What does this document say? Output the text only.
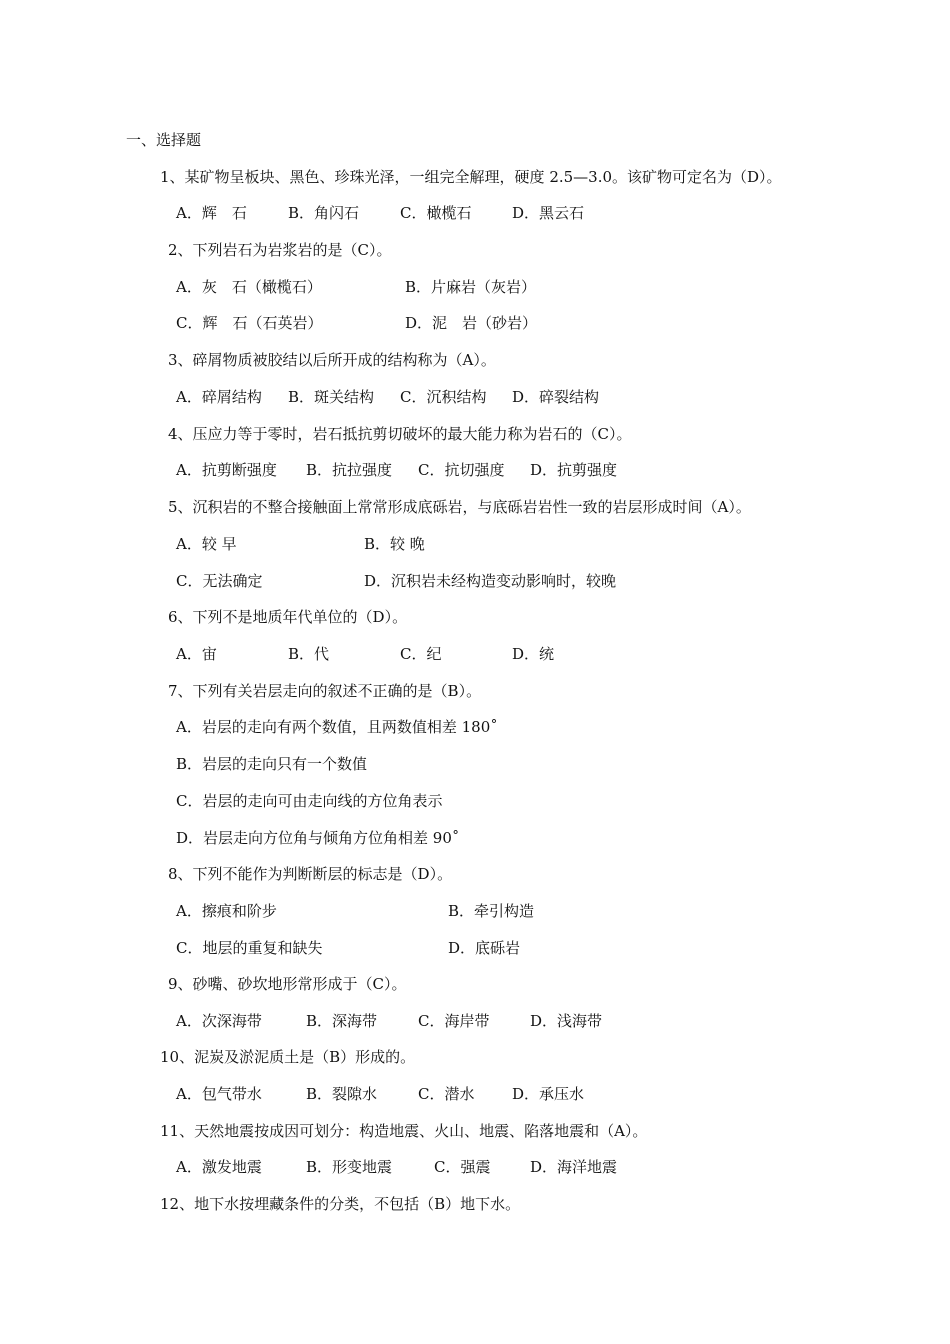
一、选择题
1、某矿物呈板块、黑色、珍珠光泽，一组完全解理，硬度 2.5—3.0。该矿物可定名为（D）。
A．辉　石	B．角闪石	C．橄榄石	D．黑云石
2、下列岩石为岩浆岩的是（C）。
A．灰　石（橄榄石）	B．片麻岩（灰岩）
C．辉　石（石英岩）	D．泥　岩（砂岩）
3、碎屑物质被胶结以后所开成的结构称为（A）。
A．碎屑结构 B．斑关结构 C．沉积结构 D．碎裂结构
4、压应力等于零时，岩石抵抗剪切破坏的最大能力称为岩石的（C）。
A．抗剪断强度 B．抗拉强度 C．抗切强度 D．抗剪强度
5、沉积岩的不整合接触面上常常形成底砾岩，与底砾岩岩性一致的岩层形成时间（A）。
A．较 早	B．较 晚
C．无法确定	D．沉积岩未经构造变动影响时，较晚
6、下列不是地质年代单位的（D）。
A．宙	B．代	C．纪	D．统
7、下列有关岩层走向的叙述不正确的是（B）。
A．岩层的走向有两个数值，且两数值相差 180˚
B．岩层的走向只有一个数值
C．岩层的走向可由走向线的方位角表示
D．岩层走向方位角与倾角方位角相差 90˚
8、下列不能作为判断断层的标志是（D）。
A．擦痕和阶步	B．牵引构造
C．地层的重复和缺失	D．底砾岩
9、砂嘴、砂坎地形常形成于（C）。
A．次深海带	B．深海带	C．海岸带	D．浅海带
10、泥炭及淤泥质土是（B）形成的。
A．包气带水	B．裂隙水	C．潜水	D．承压水
11、天然地震按成因可划分：构造地震、火山、地震、陷落地震和（A）。
A．激发地震	B．形变地震	C．强震	D．海洋地震
12、地下水按埋藏条件的分类，不包括（B）地下水。
